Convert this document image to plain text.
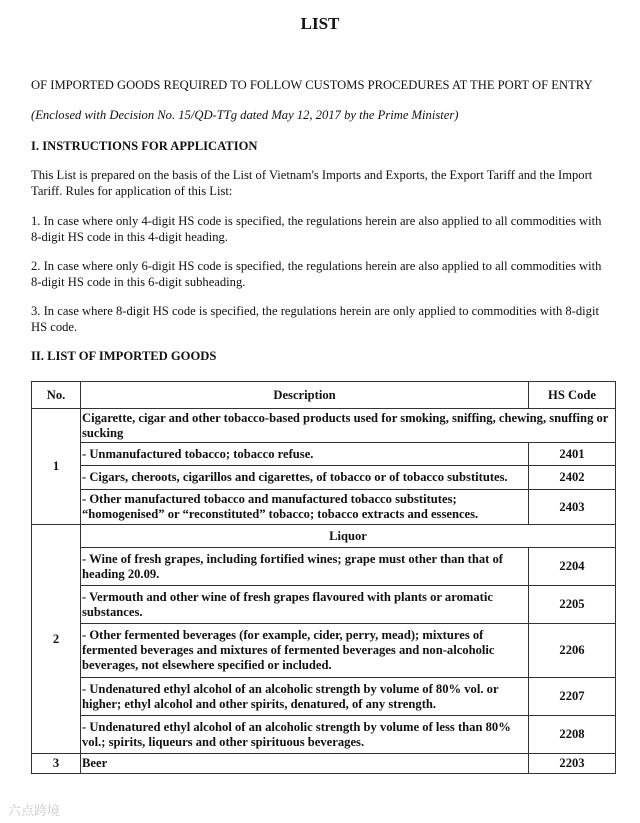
LIST

OF IMPORTED GOODS REQUIRED TO FOLLOW CUSTOMS PROCEDURES AT THE PORT OF ENTRY

(Enclosed with Decision No. 15/QD-TTg dated May 12, 2017 by the Prime Minister)

I. INSTRUCTIONS FOR APPLICATION

This List is prepared on the basis of the List of Vietnam's Imports and Exports, the Export Tariff and the Import Tariff. Rules for application of this List:

1. In case where only 4-digit HS code is specified, the regulations herein are also applied to all commodities with 8-digit HS code in this 4-digit heading.

2. In case where only 6-digit HS code is specified, the regulations herein are also applied to all commodities with 8-digit HS code in this 6-digit subheading.

3. In case where 8-digit HS code is specified, the regulations herein are only applied to commodities with 8-digit HS code.

II. LIST OF IMPORTED GOODS

No.	Description	HS Code
1	Cigarette, cigar and other tobacco-based products used for smoking, sniffing, chewing, snuffing or sucking	
	- Unmanufactured tobacco; tobacco refuse.	2401
	- Cigars, cheroots, cigarillos and cigarettes, of tobacco or of tobacco substitutes.	2402
	- Other manufactured tobacco and manufactured tobacco substitutes; “homogenised” or “reconstituted” tobacco; tobacco extracts and essences.	2403
2	Liquor	
	- Wine of fresh grapes, including fortified wines; grape must other than that of heading 20.09.	2204
	- Vermouth and other wine of fresh grapes flavoured with plants or aromatic substances.	2205
	- Other fermented beverages (for example, cider, perry, mead); mixtures of fermented beverages and mixtures of fermented beverages and non-alcoholic beverages, not elsewhere specified or included.	2206
	- Undenatured ethyl alcohol of an alcoholic strength by volume of 80% vol. or higher; ethyl alcohol and other spirits, denatured, of any strength.	2207
	- Undenatured ethyl alcohol of an alcoholic strength by volume of less than 80% vol.; spirits, liqueurs and other spirituous beverages.	2208
3	Beer	2203
六点跨境
